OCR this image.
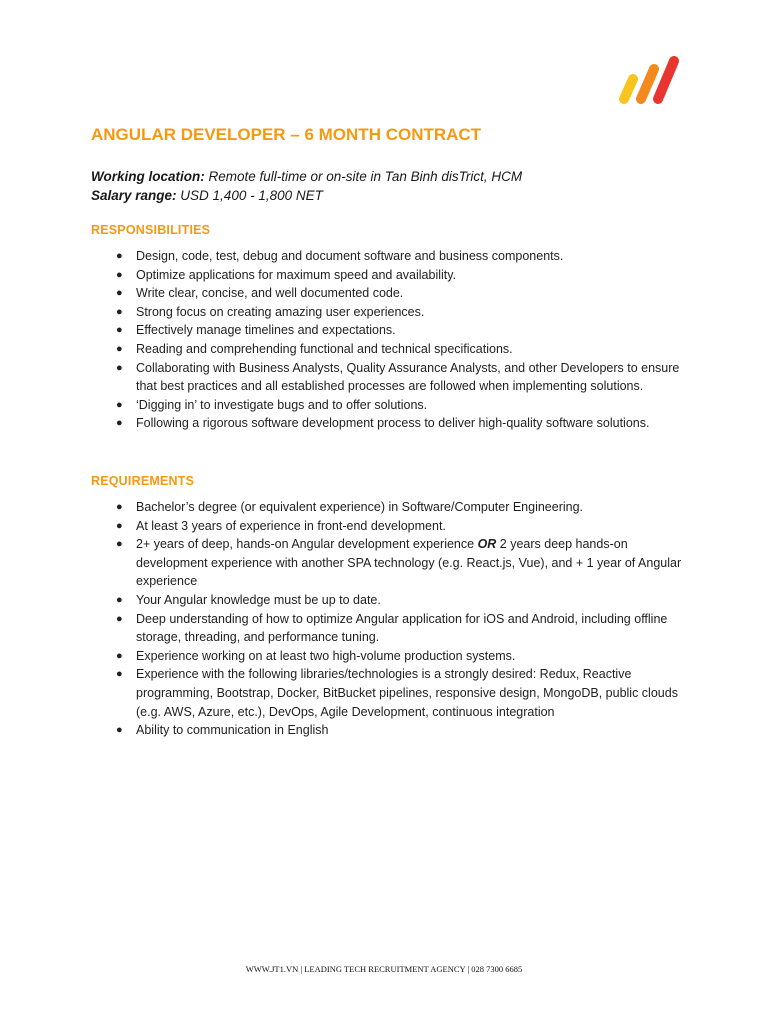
ANGULAR DEVELOPER – 6 MONTH CONTRACT
Working location: Remote full-time or on-site in Tan Binh disTrict, HCM
Salary range: USD 1,400 - 1,800 NET
RESPONSIBILITIES
● Design, code, test, debug and document software and business components.
● Optimize applications for maximum speed and availability.
● Write clear, concise, and well documented code.
● Strong focus on creating amazing user experiences.
● Effectively manage timelines and expectations.
● Reading and comprehending functional and technical specifications.
● Collaborating with Business Analysts, Quality Assurance Analysts, and other Developers to ensure that best practices and all established processes are followed when implementing solutions.
● ‘Digging in’ to investigate bugs and to offer solutions.
● Following a rigorous software development process to deliver high-quality software solutions.
REQUIREMENTS
● Bachelor’s degree (or equivalent experience) in Software/Computer Engineering.
● At least 3 years of experience in front-end development.
● 2+ years of deep, hands-on Angular development experience OR 2 years deep hands-on development experience with another SPA technology (e.g. React.js, Vue), and + 1 year of Angular experience
● Your Angular knowledge must be up to date.
● Deep understanding of how to optimize Angular application for iOS and Android, including offline storage, threading, and performance tuning.
● Experience working on at least two high-volume production systems.
● Experience with the following libraries/technologies is a strongly desired: Redux, Reactive programming, Bootstrap, Docker, BitBucket pipelines, responsive design, MongoDB, public clouds (e.g. AWS, Azure, etc.), DevOps, Agile Development, continuous integration
● Ability to communication in English
WWW.JT1.VN | LEADING TECH RECRUITMENT AGENCY | 028 7300 6685
